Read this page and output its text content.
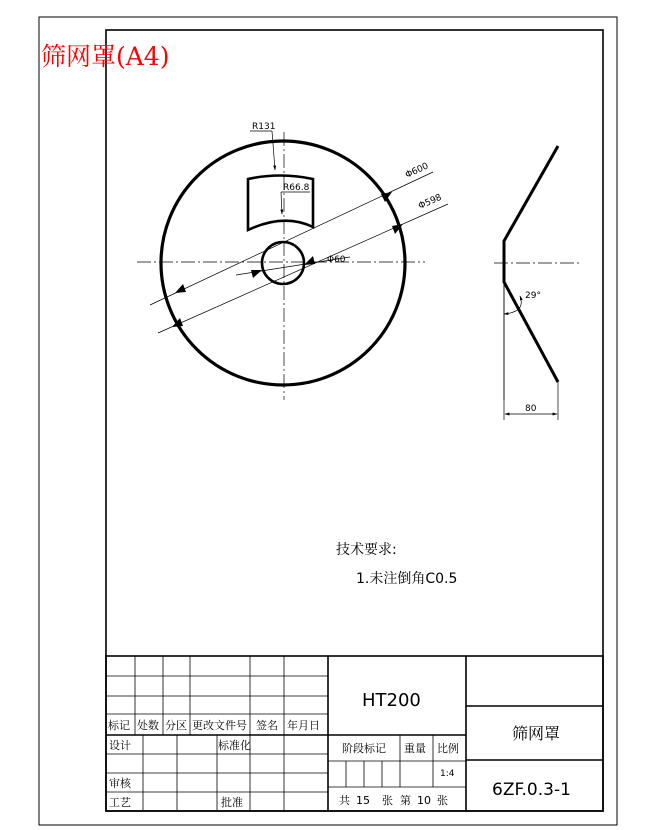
筛网罩(A4)
R131
R66.8
Φ600
Φ598
Φ60
29°
80
技术要求:
1.未注倒角C0.5
标记 处数 分区 更改文件号 签名 年月日
设计	标准化
审核
工艺	批准
阶段标记 重量 比例
1:4
共 15 张 第 10 张
HT200
筛网罩
6ZF.0.3-1
